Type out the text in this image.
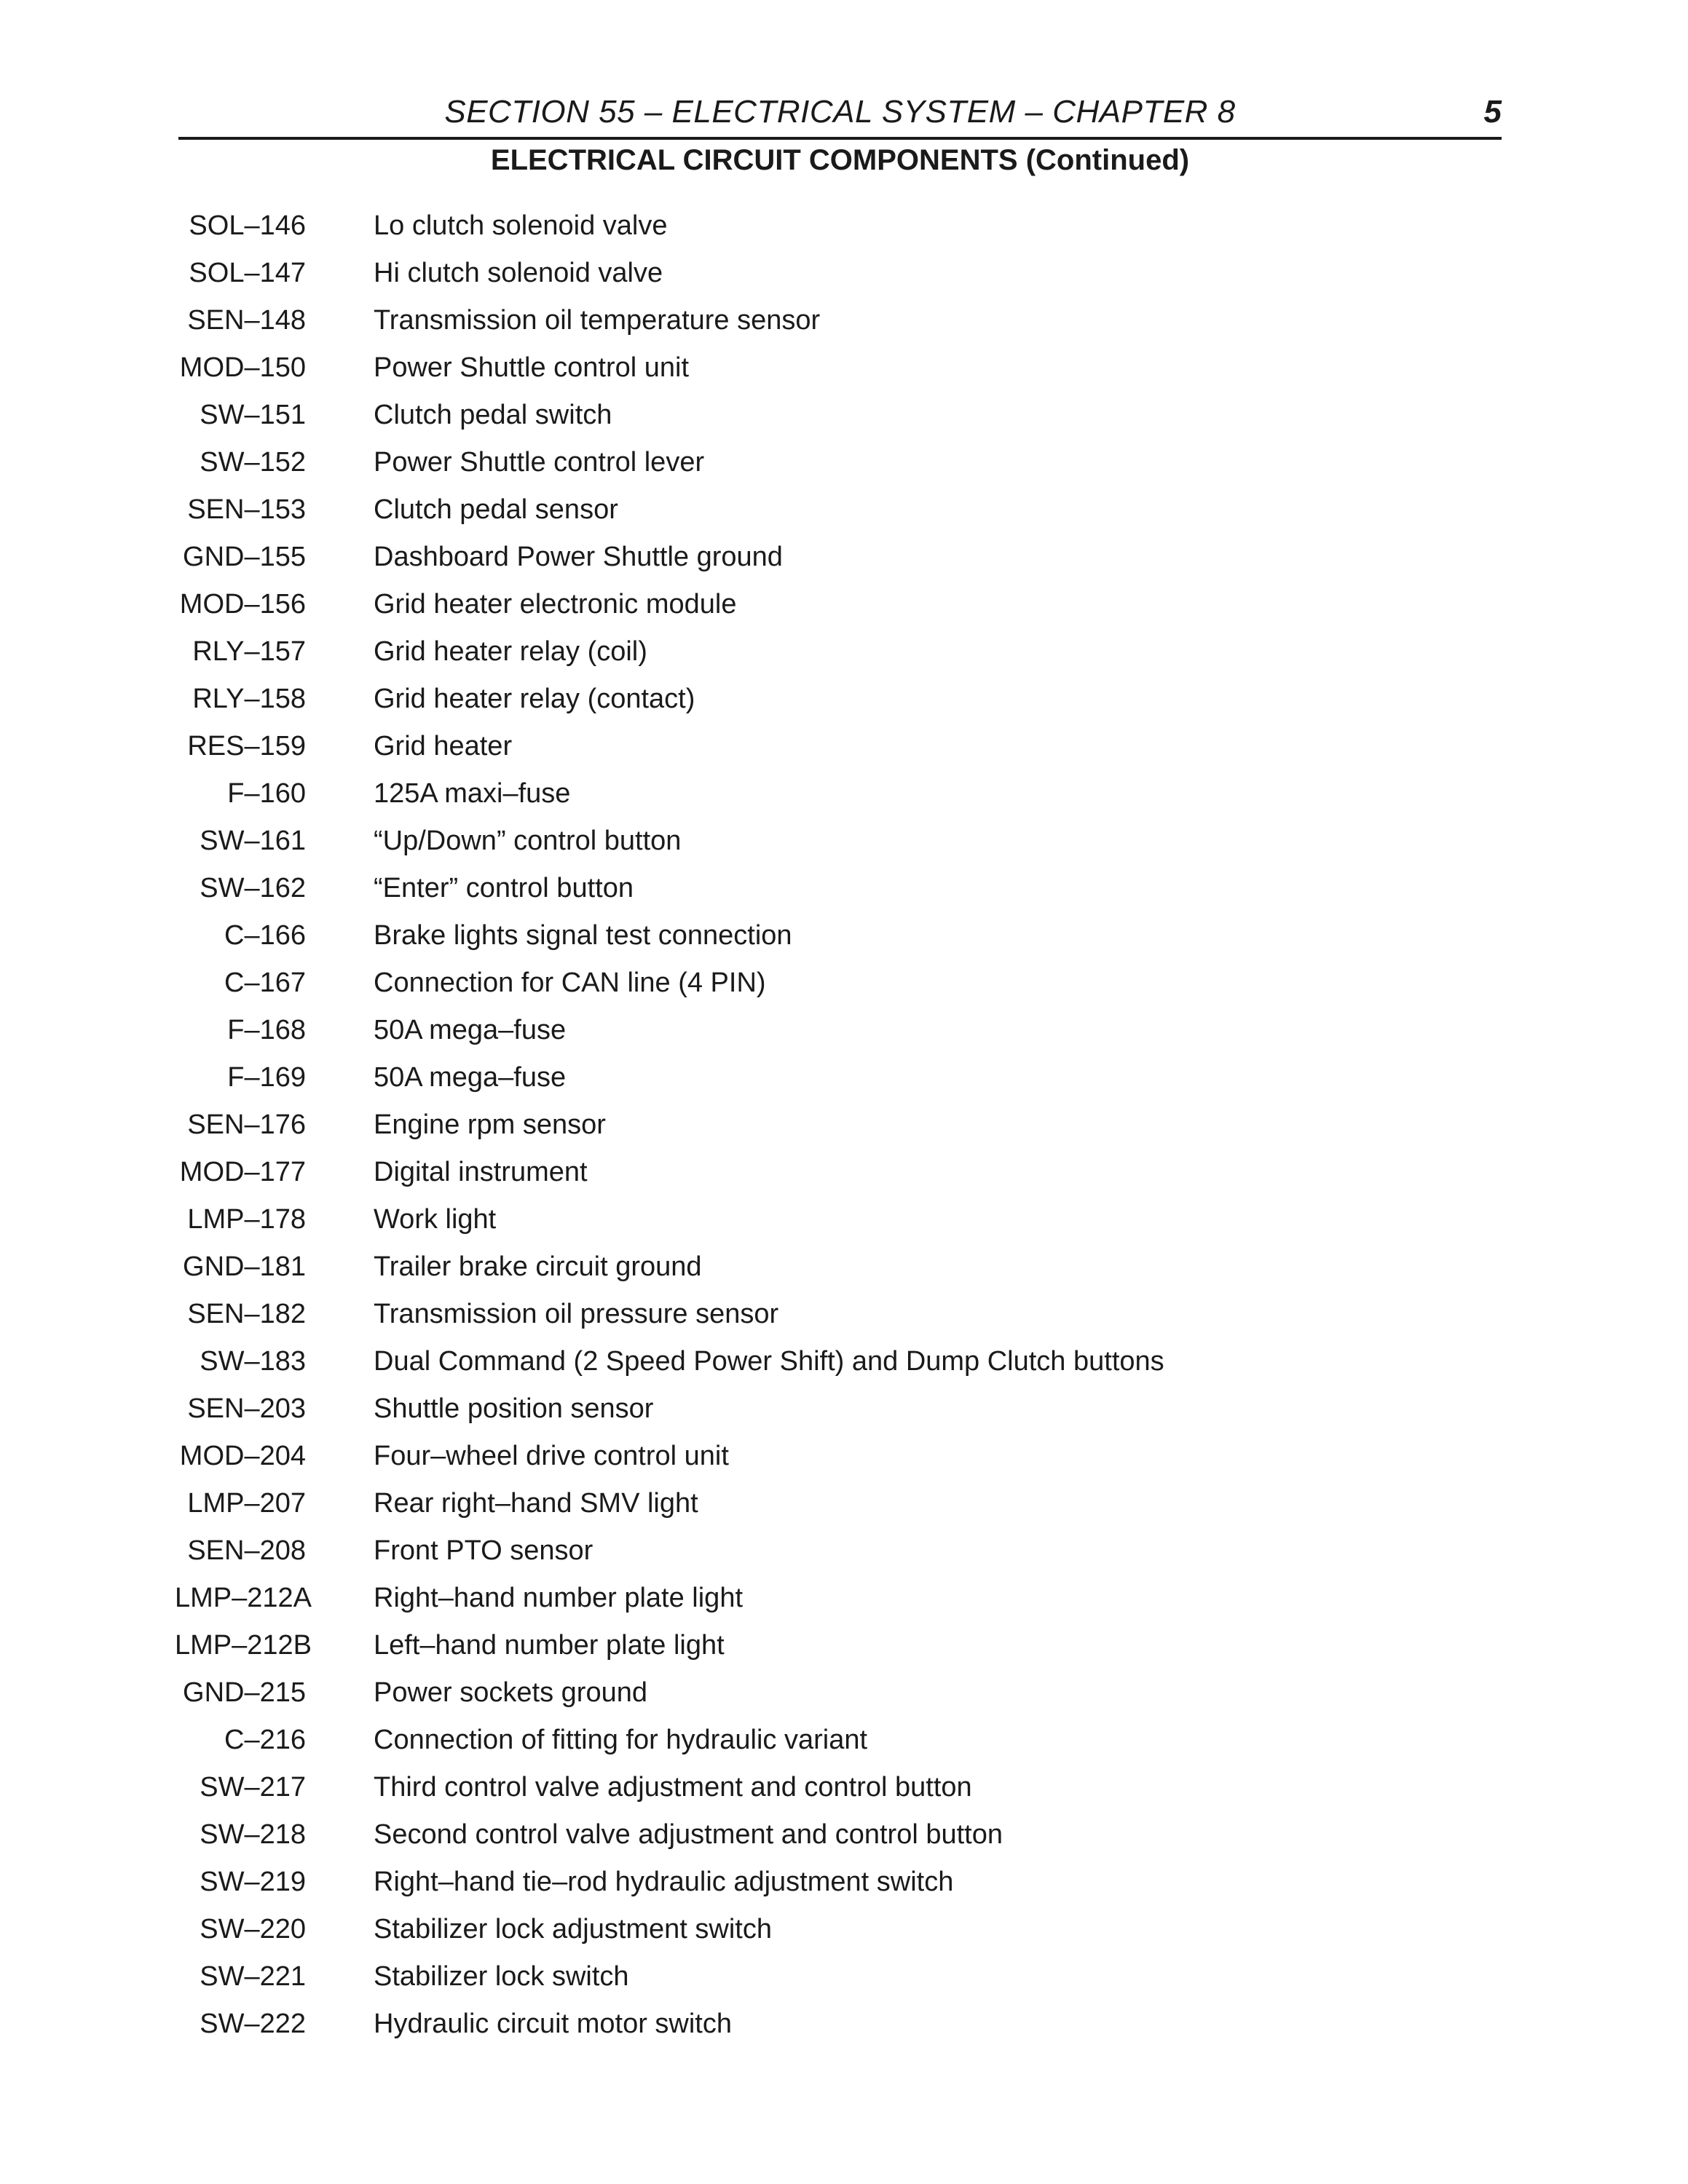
SECTION 55 – ELECTRICAL SYSTEM – CHAPTER 8	5
ELECTRICAL CIRCUIT COMPONENTS (Continued)
SOL–146 Lo clutch solenoid valve
SOL–147 Hi clutch solenoid valve
SEN–148 Transmission oil temperature sensor
MOD–150 Power Shuttle control unit
SW–151 Clutch pedal switch
SW–152 Power Shuttle control lever
SEN–153 Clutch pedal sensor
GND–155 Dashboard Power Shuttle ground
MOD–156 Grid heater electronic module
RLY–157 Grid heater relay (coil)
RLY–158 Grid heater relay (contact)
RES–159 Grid heater
F–160 125A maxi–fuse
SW–161 “Up/Down” control button
SW–162 “Enter” control button
C–166 Brake lights signal test connection
C–167 Connection for CAN line (4 PIN)
F–168 50A mega–fuse
F–169 50A mega–fuse
SEN–176 Engine rpm sensor
MOD–177 Digital instrument
LMP–178 Work light
GND–181 Trailer brake circuit ground
SEN–182 Transmission oil pressure sensor
SW–183 Dual Command (2 Speed Power Shift) and Dump Clutch buttons
SEN–203 Shuttle position sensor
MOD–204 Four–wheel drive control unit
LMP–207 Rear right–hand SMV light
SEN–208 Front PTO sensor
LMP–212A Right–hand number plate light
LMP–212B Left–hand number plate light
GND–215 Power sockets ground
C–216 Connection of fitting for hydraulic variant
SW–217 Third control valve adjustment and control button
SW–218 Second control valve adjustment and control button
SW–219 Right–hand tie–rod hydraulic adjustment switch
SW–220 Stabilizer lock adjustment switch
SW–221 Stabilizer lock switch
SW–222 Hydraulic circuit motor switch
